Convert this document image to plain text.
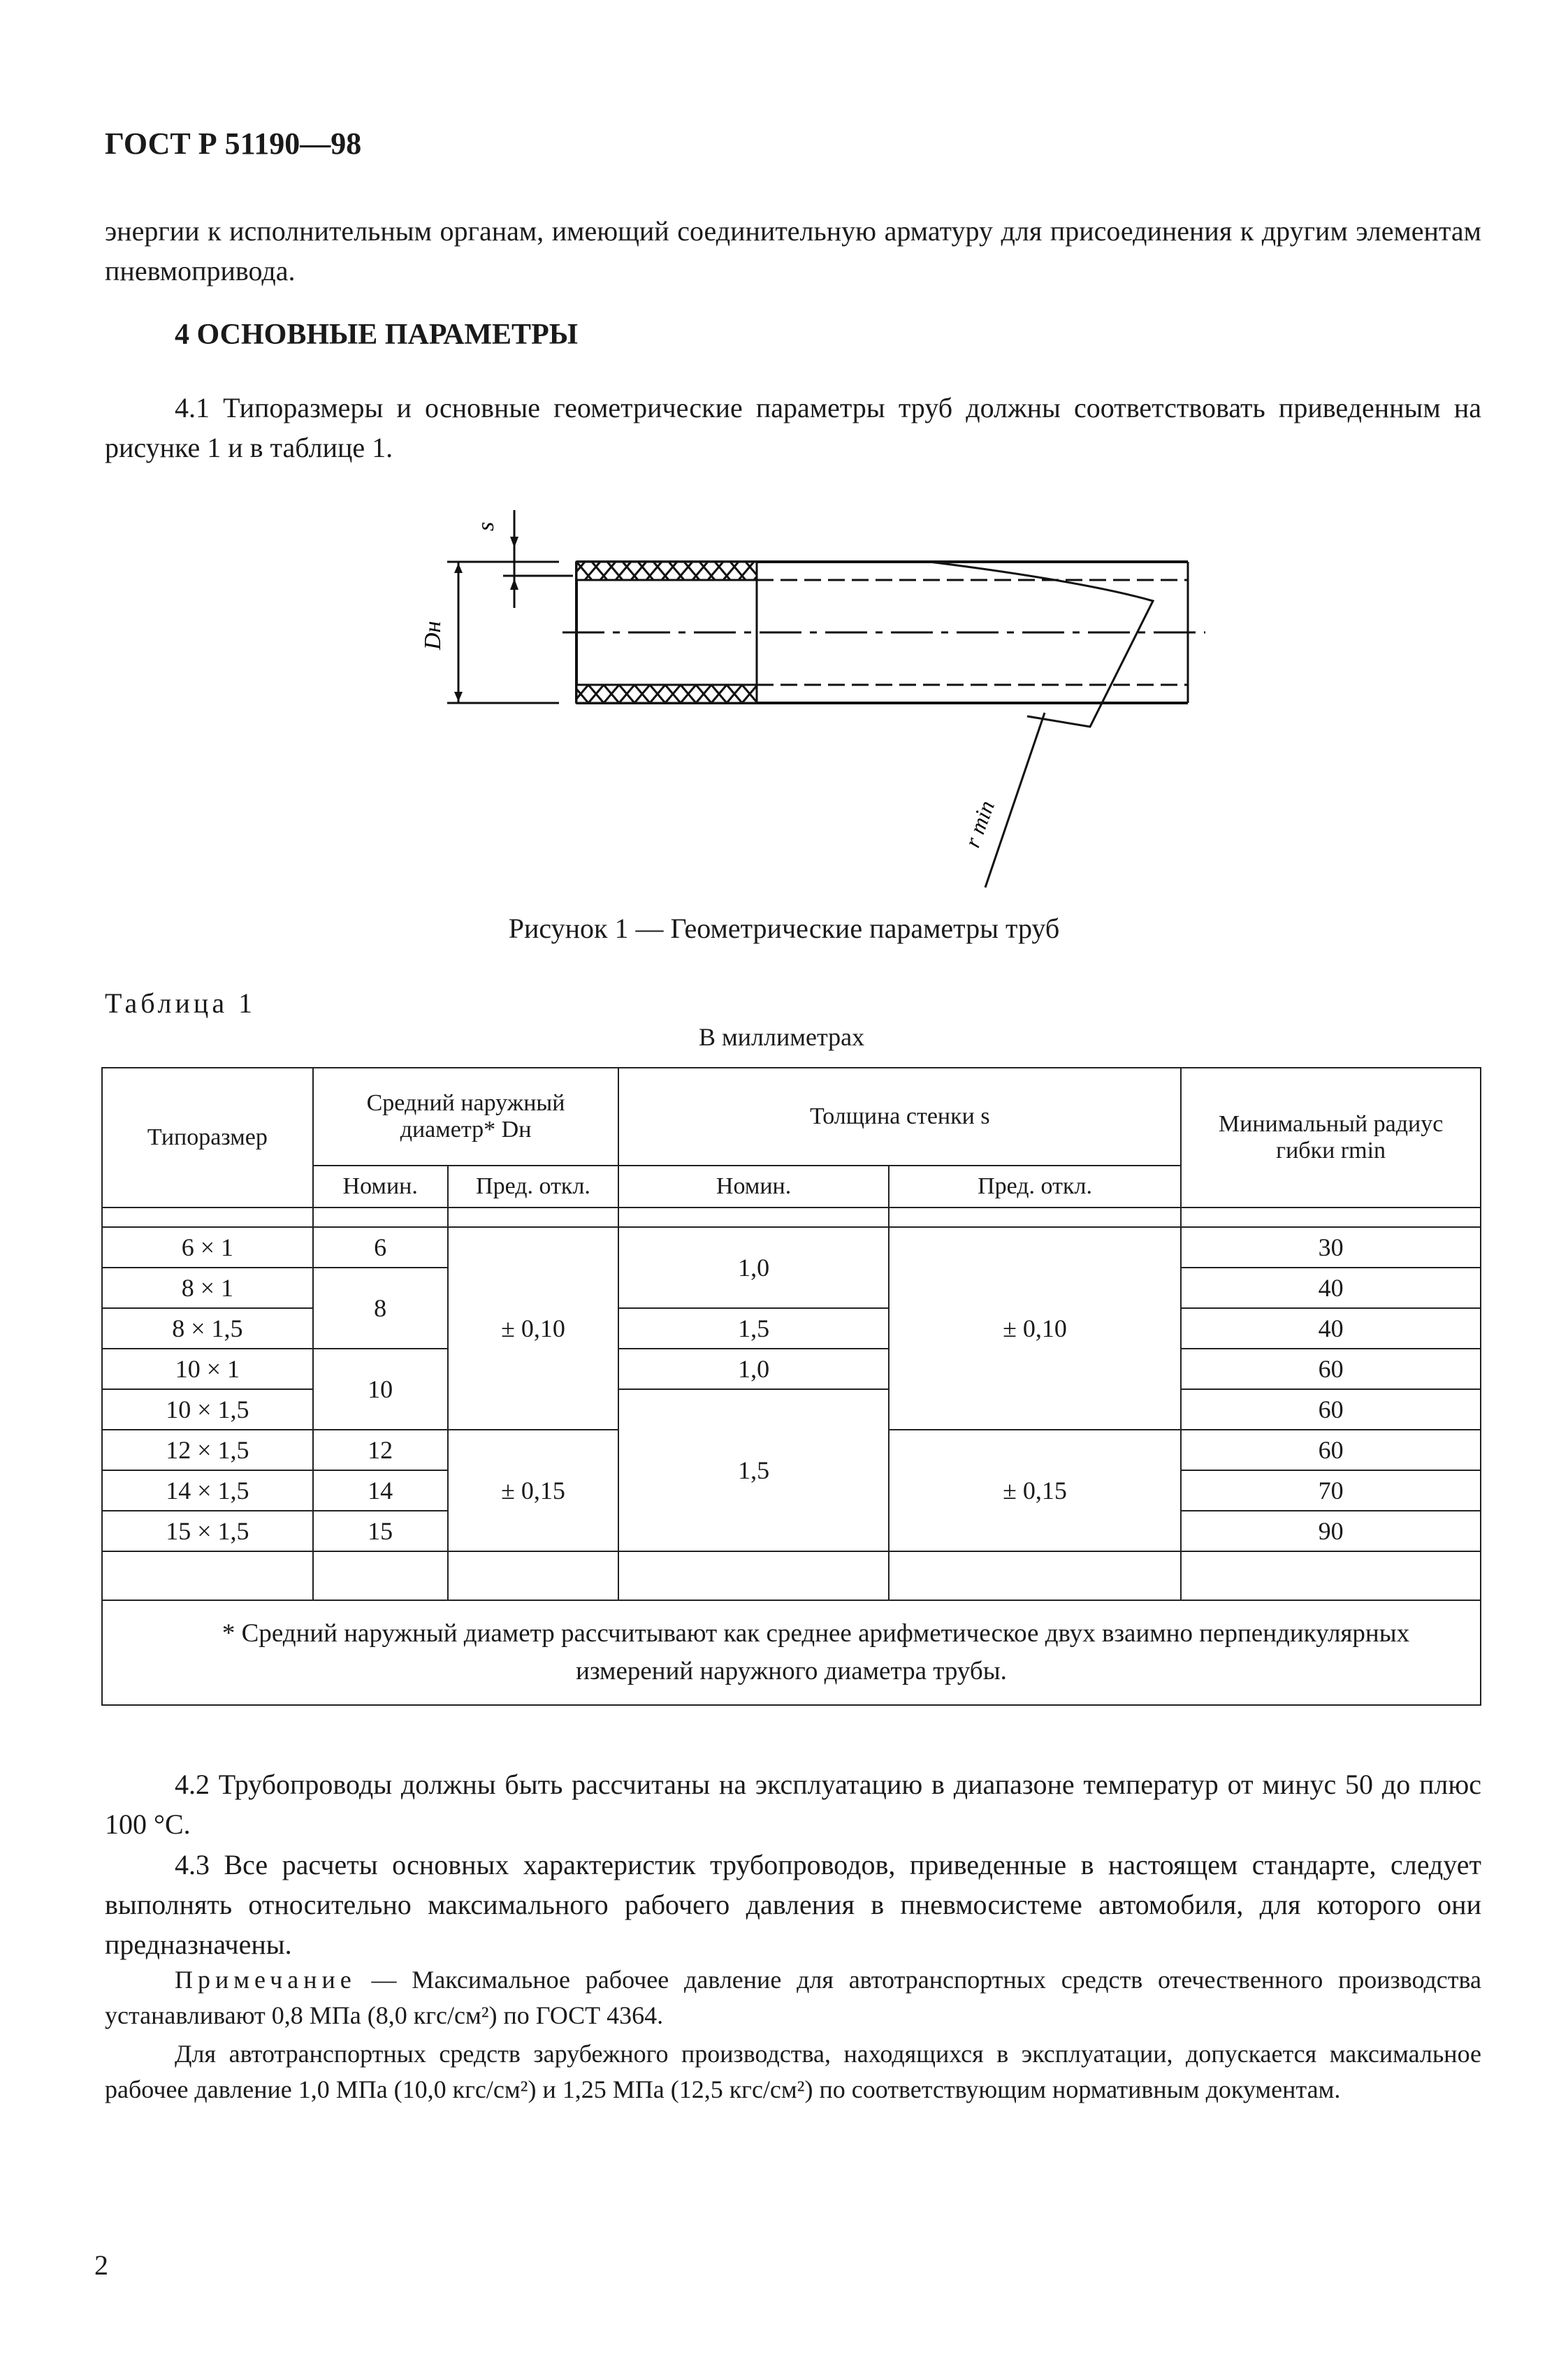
ГОСТ Р 51190—98
энергии к исполнительным органам, имеющий соединительную арматуру для присоединения к другим элементам пневмопривода.
4 ОСНОВНЫЕ ПАРАМЕТРЫ
4.1 Типоразмеры и основные геометрические параметры труб должны соответствовать приведенным на рисунке 1 и в таблице 1.
s
Dн
r min
Рисунок 1 — Геометрические параметры труб
Таблица 1
В миллиметрах
Типоразмер	Средний наружный диаметр* Dн		Толщина стенки s		Минимальный радиус гибки rmin
	Номин.	Пред. откл.	Номин.	Пред. откл.	

6 × 1	6	± 0,10	1,0	± 0,10	30
8 × 1	8				40
8 × 1,5			1,5		40
10 × 1	10		1,0		60
10 × 1,5			1,5		60
12 × 1,5	12	± 0,15		± 0,15	60
14 × 1,5	14				70
15 × 1,5	15				90

* Средний наружный диаметр рассчитывают как среднее арифметическое двух взаимно перпендикулярных измерений наружного диаметра трубы.					
4.2 Трубопроводы должны быть рассчитаны на эксплуатацию в диапазоне температур от минус 50 до плюс 100 °С.
4.3 Все расчеты основных характеристик трубопроводов, приведенные в настоящем стандарте, следует выполнять относительно максимального рабочего давления в пневмосистеме автомобиля, для которого они предназначены.
Примечание — Максимальное рабочее давление для автотранспортных средств отечественного производства устанавливают 0,8 МПа (8,0 кгс/см²) по ГОСТ 4364.
Для автотранспортных средств зарубежного производства, находящихся в эксплуатации, допускается максимальное рабочее давление 1,0 МПа (10,0 кгс/см²) и 1,25 МПа (12,5 кгс/см²) по соответствующим нормативным документам.
2
